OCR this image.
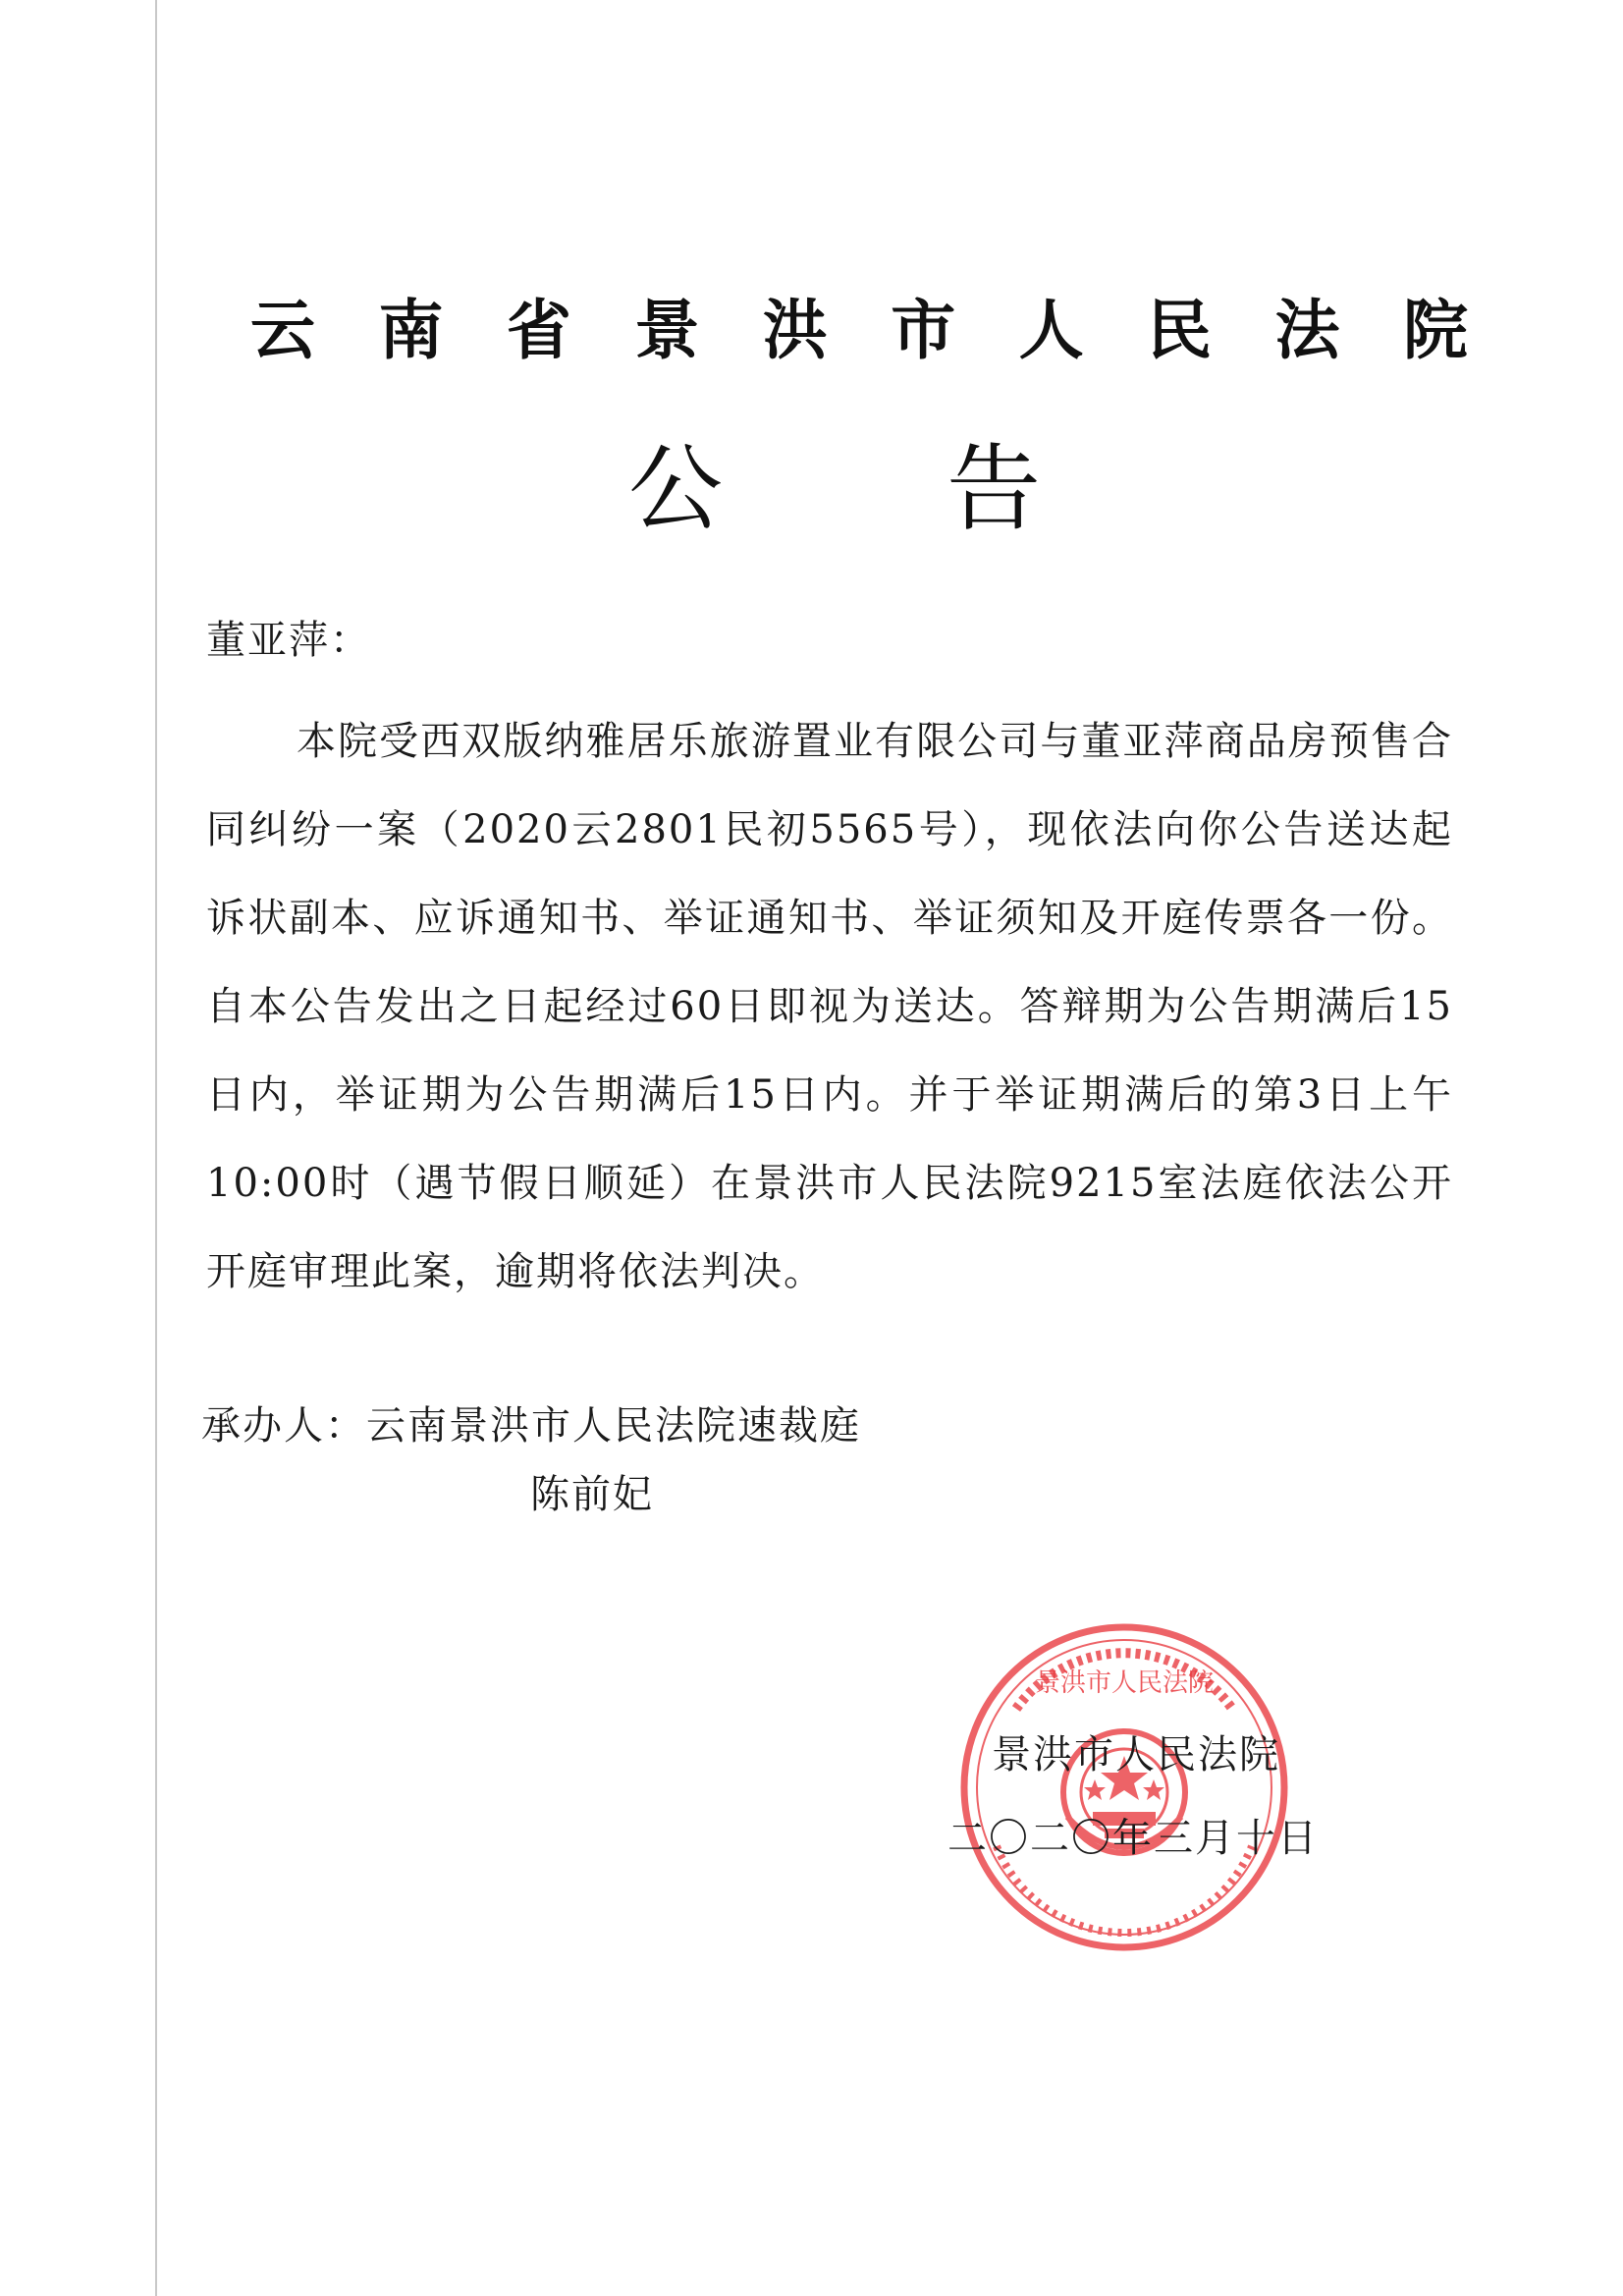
云 南 省 景 洪 市 人 民 法 院
公 告
董亚萍：
本院受西双版纳雅居乐旅游置业有限公司与董亚萍商品房预售合同纠纷一案（2020云2801民初5565号），现依法向你公告送达起诉状副本、应诉通知书、举证通知书、举证须知及开庭传票各一份。自本公告发出之日起经过60日即视为送达。答辩期为公告期满后15日内，举证期为公告期满后15日内。并于举证期满后的第3日上午10:00时（遇节假日顺延）在景洪市人民法院9215室法庭依法公开开庭审理此案，逾期将依法判决。
承办人：云南景洪市人民法院速裁庭
陈前妃
景洪市人民法院
景洪市人民法院
二〇二〇年三月十日
